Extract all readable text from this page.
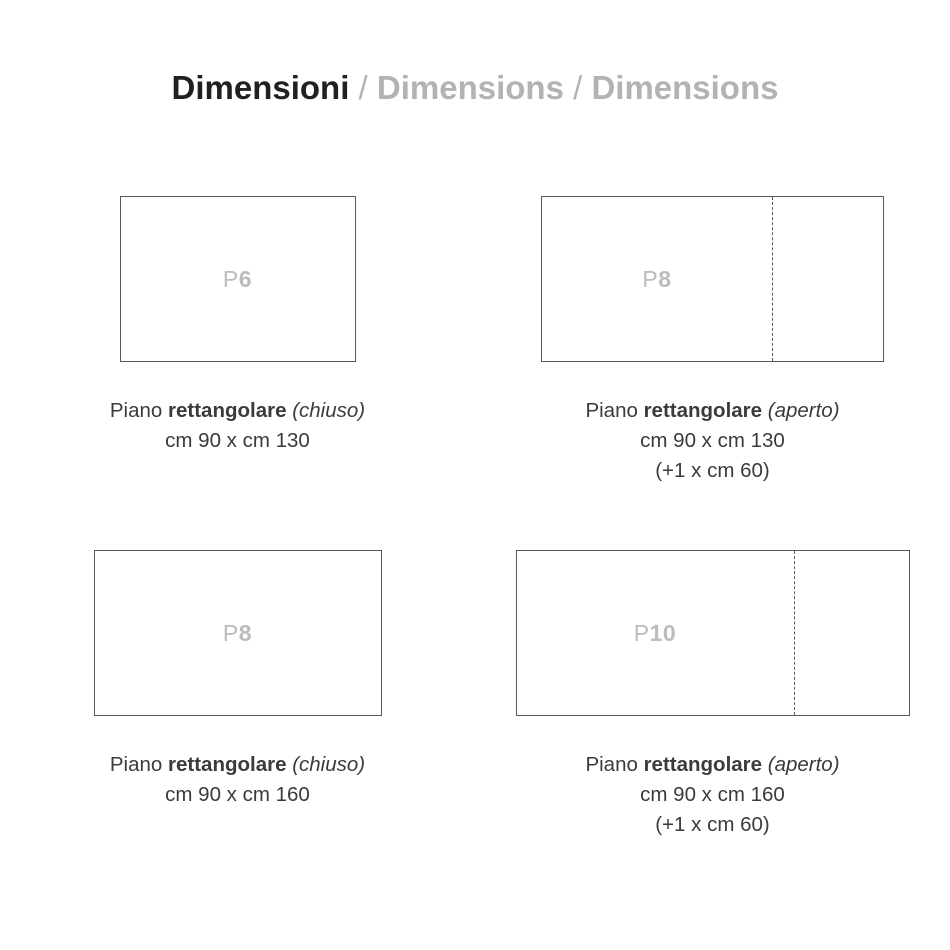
Dimensioni / Dimensions / Dimensions
P6
Piano rettangolare (chiuso)
cm 90 x cm 130
P8
Piano rettangolare (aperto)
cm 90 x cm 130
(+1 x cm 60)
P8
Piano rettangolare (chiuso)
cm 90 x cm 160
P10
Piano rettangolare (aperto)
cm 90 x cm 160
(+1 x cm 60)
